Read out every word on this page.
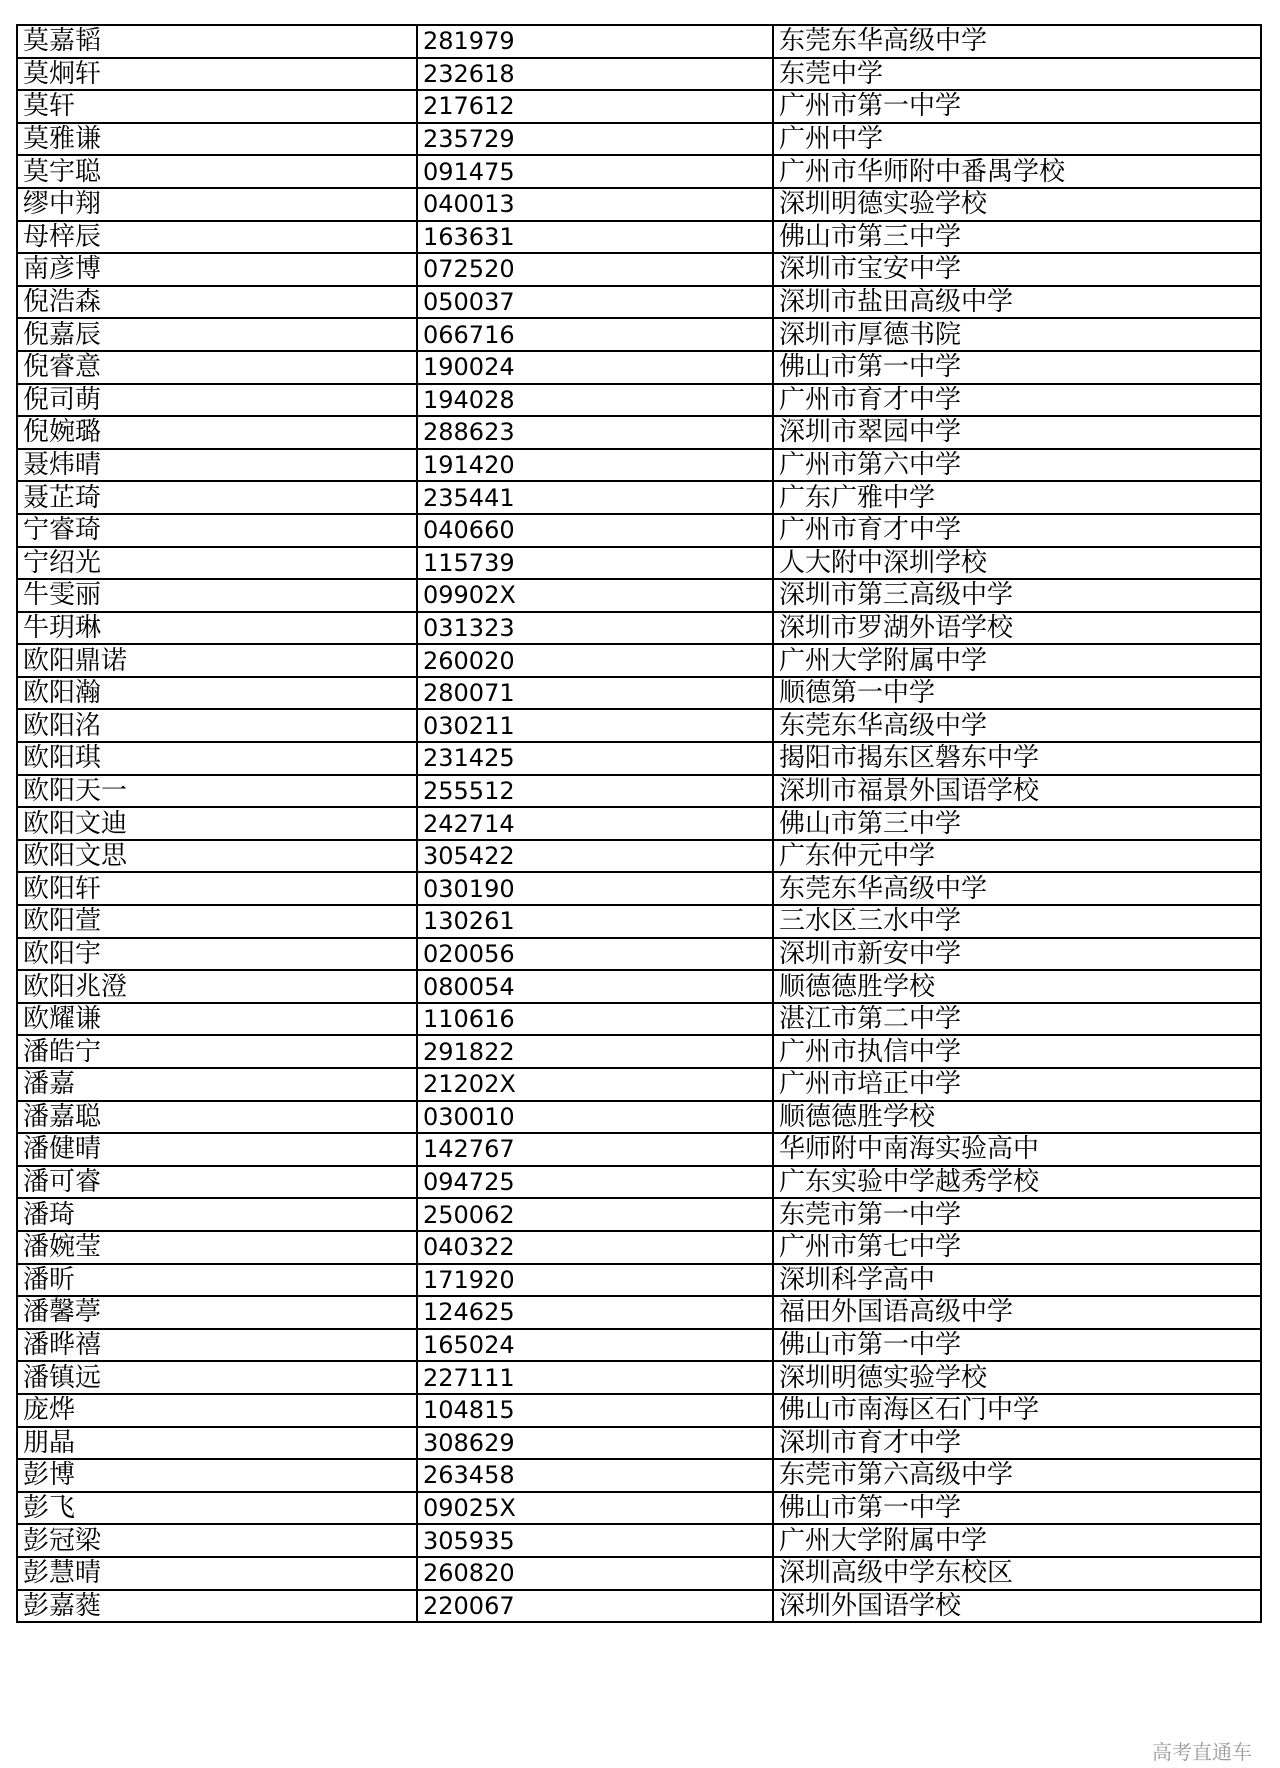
莫嘉韬	281979	东莞东华高级中学
莫炯轩	232618	东莞中学
莫轩	217612	广州市第一中学
莫雅谦	235729	广州中学
莫宇聪	091475	广州市华师附中番禺学校
缪中翔	040013	深圳明德实验学校
母梓辰	163631	佛山市第三中学
南彦博	072520	深圳市宝安中学
倪浩森	050037	深圳市盐田高级中学
倪嘉辰	066716	深圳市厚德书院
倪睿意	190024	佛山市第一中学
倪司萌	194028	广州市育才中学
倪婉璐	288623	深圳市翠园中学
聂炜晴	191420	广州市第六中学
聂芷琦	235441	广东广雅中学
宁睿琦	040660	广州市育才中学
宁绍光	115739	人大附中深圳学校
牛雯丽	09902X	深圳市第三高级中学
牛玥琳	031323	深圳市罗湖外语学校
欧阳鼎诺	260020	广州大学附属中学
欧阳瀚	280071	顺德第一中学
欧阳洺	030211	东莞东华高级中学
欧阳琪	231425	揭阳市揭东区磐东中学
欧阳天一	255512	深圳市福景外国语学校
欧阳文迪	242714	佛山市第三中学
欧阳文思	305422	广东仲元中学
欧阳轩	030190	东莞东华高级中学
欧阳萱	130261	三水区三水中学
欧阳宇	020056	深圳市新安中学
欧阳兆澄	080054	顺德德胜学校
欧耀谦	110616	湛江市第二中学
潘皓宁	291822	广州市执信中学
潘嘉	21202X	广州市培正中学
潘嘉聪	030010	顺德德胜学校
潘健晴	142767	华师附中南海实验高中
潘可睿	094725	广东实验中学越秀学校
潘琦	250062	东莞市第一中学
潘婉莹	040322	广州市第七中学
潘昕	171920	深圳科学高中
潘馨葶	124625	福田外国语高级中学
潘晔禧	165024	佛山市第一中学
潘镇远	227111	深圳明德实验学校
庞烨	104815	佛山市南海区石门中学
朋晶	308629	深圳市育才中学
彭博	263458	东莞市第六高级中学
彭飞	09025X	佛山市第一中学
彭冠梁	305935	广州大学附属中学
彭慧晴	260820	深圳高级中学东校区
彭嘉蕤	220067	深圳外国语学校
高考直通车
